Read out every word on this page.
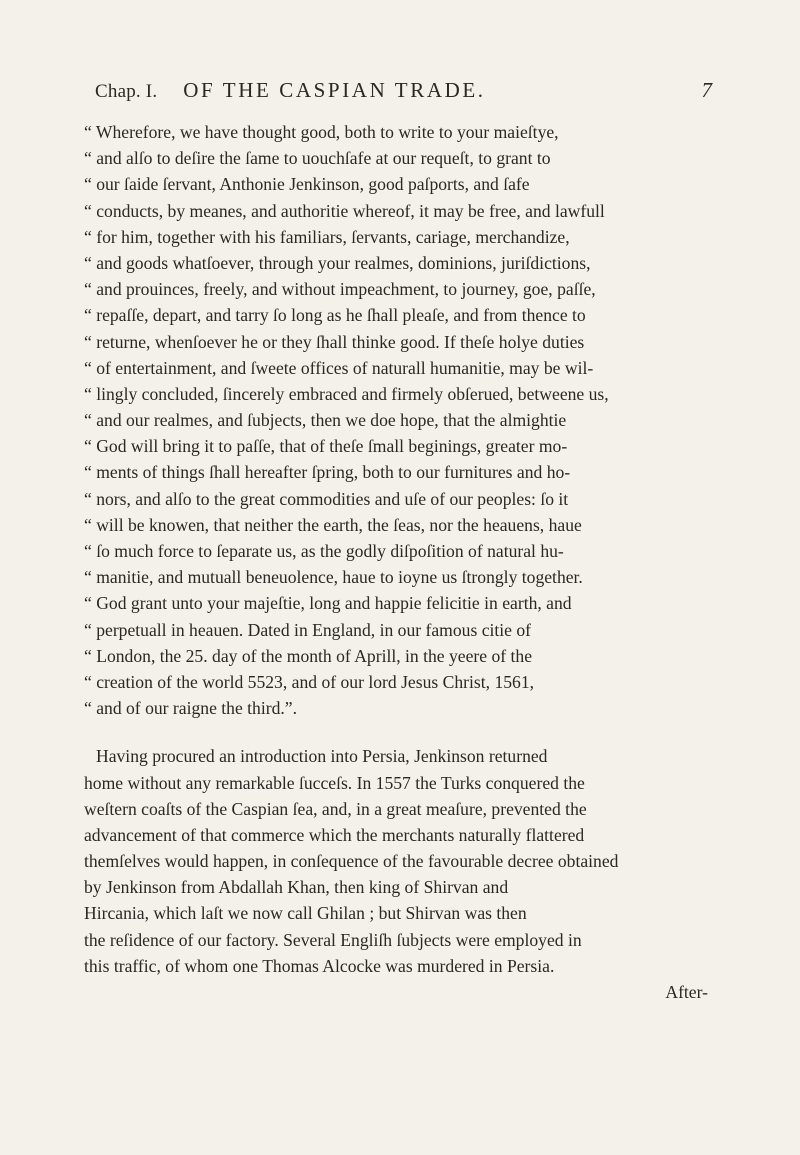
Chap. I. OF THE CASPIAN TRADE.	7
“ Wherefore, we have thought good, both to write to your maieſtye,
“ and alſo to deſire the ſame to uouchſafe at our requeſt, to grant to
“ our ſaide ſervant, Anthonie Jenkinson, good paſports, and ſafe
“ conducts, by meanes, and authoritie whereof, it may be free, and lawfull
“ for him, together with his familiars, ſervants, cariage, merchandize,
“ and goods whatſoever, through your realmes, dominions, juriſdictions,
“ and prouinces, freely, and without impeachment, to journey, goe, paſſe,
“ repaſſe, depart, and tarry ſo long as he ſhall pleaſe, and from thence to
“ returne, whenſoever he or they ſhall thinke good. If theſe holye duties
“ of entertainment, and ſweete offices of naturall humanitie, may be wil-
“ lingly concluded, ſincerely embraced and firmely obſerued, betweene us,
“ and our realmes, and ſubjects, then we doe hope, that the almightie
“ God will bring it to paſſe, that of theſe ſmall beginings, greater mo-
“ ments of things ſhall hereafter ſpring, both to our furnitures and ho-
“ nors, and alſo to the great commodities and uſe of our peoples: ſo it
“ will be knowen, that neither the earth, the ſeas, nor the heauens, haue
“ ſo much force to ſeparate us, as the godly diſpoſition of natural hu-
“ manitie, and mutuall beneuolence, haue to ioyne us ſtrongly together.
“ God grant unto your majeſtie, long and happie felicitie in earth, and
“ perpetuall in heauen. Dated in England, in our famous citie of
“ London, the 25. day of the month of Aprill, in the yeere of the
“ creation of the world 5523, and of our lord Jesus Christ, 1561,
“ and of our raigne the third.”.
Having procured an introduction into Persia, Jenkinson returned
home without any remarkable ſucceſs. In 1557 the Turks conquered the
weſtern coaſts of the Caspian ſea, and, in a great meaſure, prevented the
advancement of that commerce which the merchants naturally flattered
themſelves would happen, in conſequence of the favourable decree obtained
by Jenkinson from Abdallah Khan, then king of Shirvan and
Hircania, which laſt we now call Ghilan ; but Shirvan was then
the reſidence of our factory. Several Engliſh ſubjects were employed in
this traffic, of whom one Thomas Alcocke was murdered in Persia.
After-
